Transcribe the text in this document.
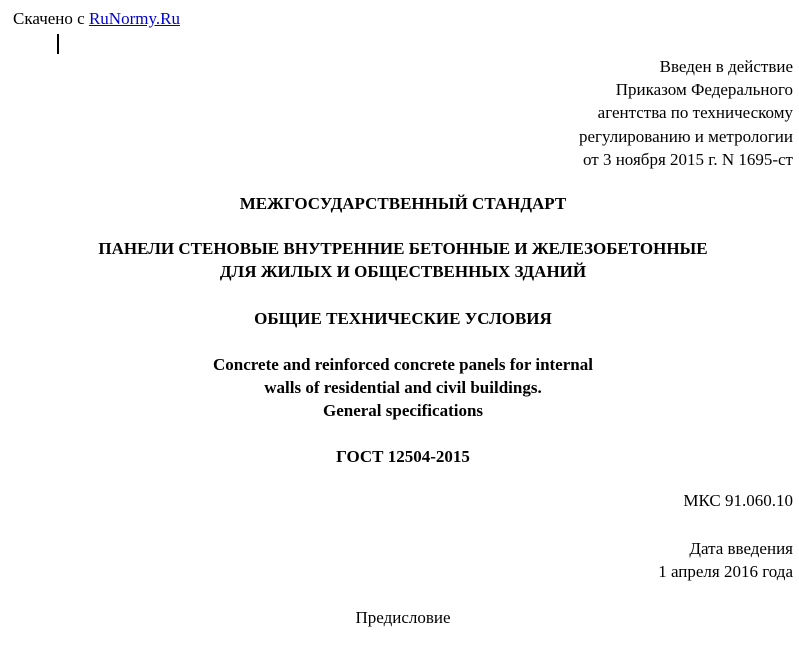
Скачено с RuNormy.Ru
Введен в действие
Приказом Федерального
агентства по техническому
регулированию и метрологии
от 3 ноября 2015 г. N 1695-ст
МЕЖГОСУДАРСТВЕННЫЙ СТАНДАРТ
ПАНЕЛИ СТЕНОВЫЕ ВНУТРЕННИЕ БЕТОННЫЕ И ЖЕЛЕЗОБЕТОННЫЕ
ДЛЯ ЖИЛЫХ И ОБЩЕСТВЕННЫХ ЗДАНИЙ
ОБЩИЕ ТЕХНИЧЕСКИЕ УСЛОВИЯ
Concrete and reinforced concrete panels for internal
walls of residential and civil buildings.
General specifications
ГОСТ 12504-2015
МКС 91.060.10
Дата введения
1 апреля 2016 года
Предисловие
